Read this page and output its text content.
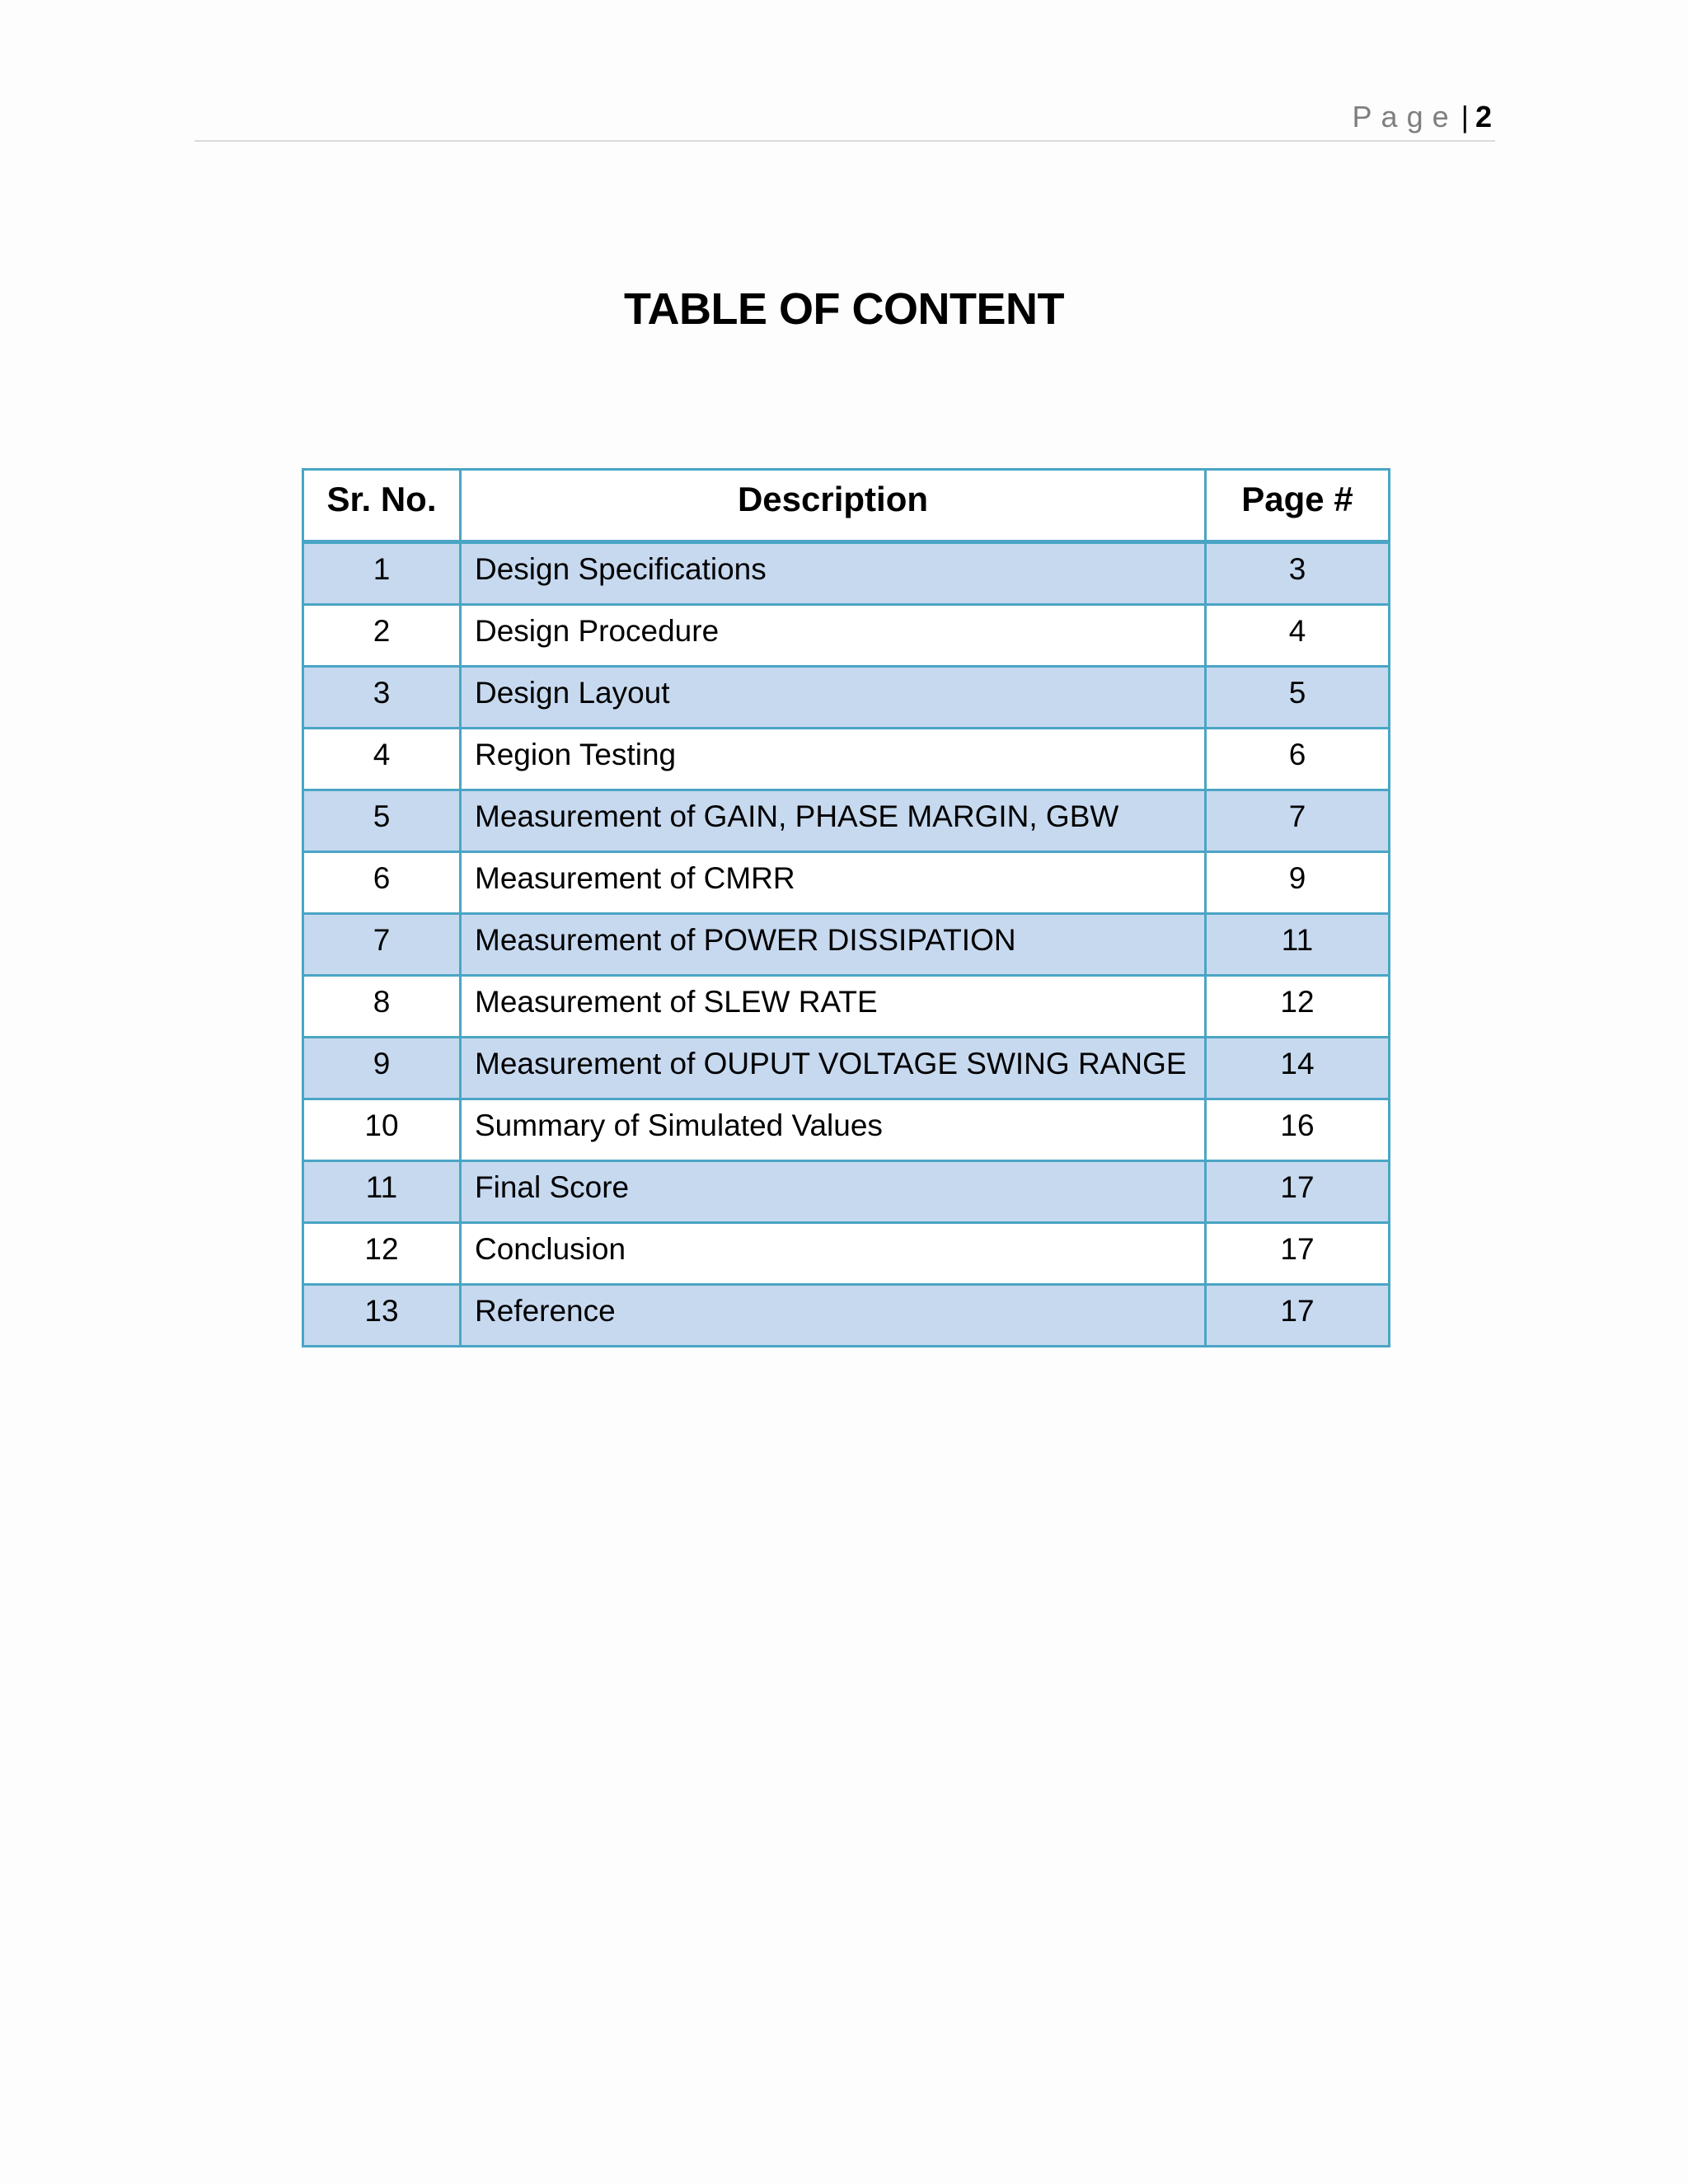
Page | 2
TABLE OF CONTENT
Sr. No.	Description	Page #
1	Design Specifications	3
2	Design Procedure	4
3	Design Layout	5
4	Region Testing	6
5	Measurement of GAIN, PHASE MARGIN, GBW	7
6	Measurement of CMRR	9
7	Measurement of POWER DISSIPATION	11
8	Measurement of SLEW RATE	12
9	Measurement of OUPUT VOLTAGE SWING RANGE	14
10	Summary of Simulated Values	16
11	Final Score	17
12	Conclusion	17
13	Reference	17
